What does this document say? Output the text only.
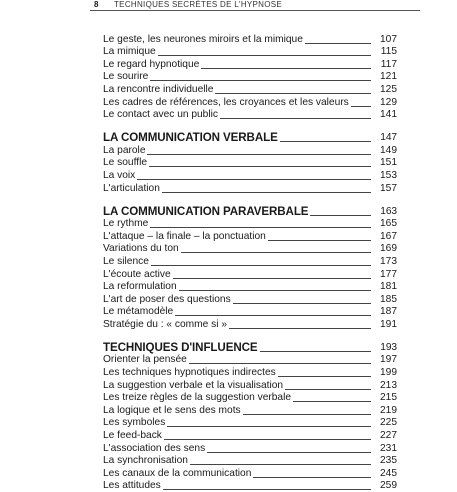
8 TECHNIQUES SECRÈTES DE L'HYPNOSE
Le geste, les neurones miroirs et la mimique	107
La mimique	115
Le regard hypnotique	117
Le sourire	121
La rencontre individuelle	125
Les cadres de références, les croyances et les valeurs	129
Le contact avec un public	141
LA COMMUNICATION VERBALE	147
La parole	149
Le souffle	151
La voix	153
L'articulation	157
LA COMMUNICATION PARAVERBALE	163
Le rythme	165
L'attaque – la finale – la ponctuation	167
Variations du ton	169
Le silence	173
L'écoute active	177
La reformulation	181
L'art de poser des questions	185
Le métamodèle	187
Stratégie du : « comme si »	191
TECHNIQUES D'INFLUENCE	193
Orienter la pensée	197
Les techniques hypnotiques indirectes	199
La suggestion verbale et la visualisation	213
Les treize règles de la suggestion verbale	215
La logique et le sens des mots	219
Les symboles	225
Le feed-back	227
L'association des sens	231
La synchronisation	235
Les canaux de la communication	245
Les attitudes	259
